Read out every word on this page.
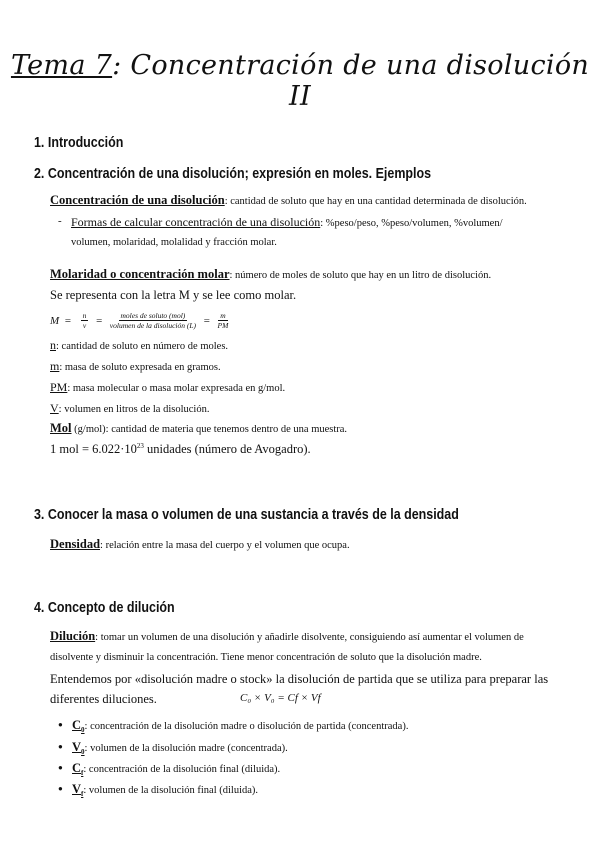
Tema 7: Concentración de una disolución II
1. Introducción
2. Concentración de una disolución; expresión en moles. Ejemplos
Concentración de una disolución: cantidad de soluto que hay en una cantidad determinada de disolución.
- Formas de calcular concentración de una disolución: %peso/peso, %peso/volumen, %volumen/
volumen, molaridad, molalidad y fracción molar.
Molaridad o concentración molar: número de moles de soluto que hay en un litro de disolución.
Se representa con la letra M y se lee como molar.
$M = \frac{n}{v} = \frac{\text{moles de soluto (mol)}}{\text{volumen de la disolución (L)}} = \frac{m}{PM}$
n: cantidad de soluto en número de moles.
m: masa de soluto expresada en gramos.
PM: masa molecular o masa molar expresada en g/mol.
V: volumen en litros de la disolución.
Mol (g/mol): cantidad de materia que tenemos dentro de una muestra.
1 mol = $6.022\cdot 10^{23}$ unidades (número de Avogadro).
3. Conocer la masa o volumen de una sustancia a través de la densidad
Densidad: relación entre la masa del cuerpo y el volumen que ocupa.
4. Concepto de dilución
Dilución: tomar un volumen de una disolución y añadirle disolvente, consiguiendo así aumentar el volumen de
disolvente y disminuir la concentración. Tiene menor concentración de soluto que la disolución madre.
Entendemos por «disolución madre o stock» la disolución de partida que se utiliza para preparar las
diferentes diluciones.	C₀ × V₀ = Cf × Vf
● $C_0$: concentración de la disolución madre o disolución de partida (concentrada).
● $V_0$: volumen de la disolución madre (concentrada).
● $C_f$: concentración de la disolución final (diluida).
● $V_f$: volumen de la disolución final (diluida).
